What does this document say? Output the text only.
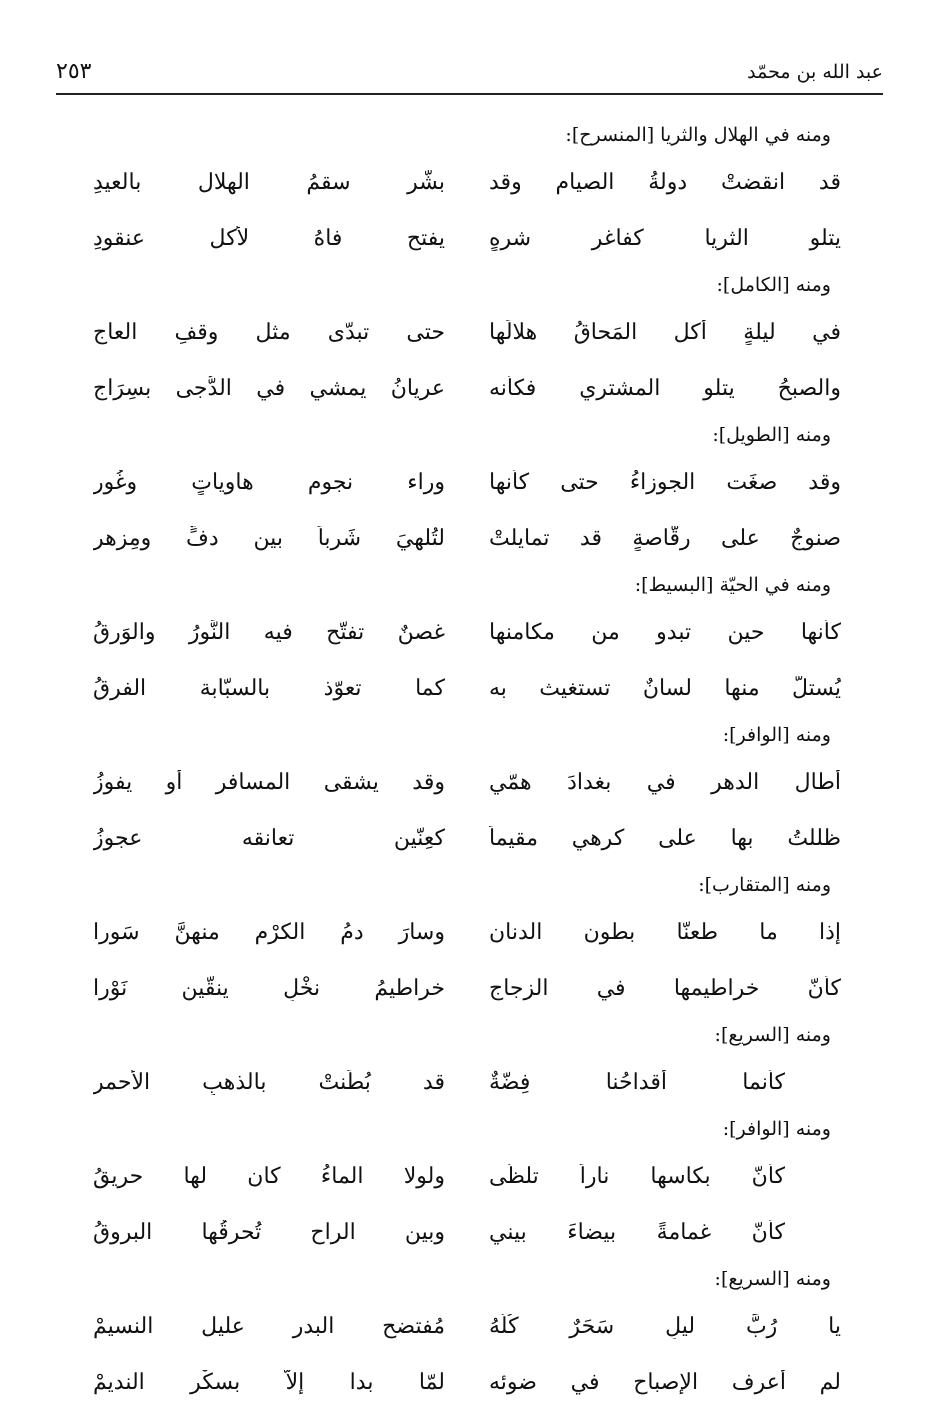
عبد الله بن محمّد
٢٥٣
ومنه في الهلال والثريا [المنسرح]:
قد انقضتْ دولةُ الصيام وقد
بشّر سقمُ الهلال بالعيدِ
يتلو الثريا كفاغرٍ شرهٍ
يفتح فاهُ لأكل عنقودِ
ومنه [الكامل]:
في ليلةٍ أكل المَحاقُ هلالَها
حتى تبدّى مثل وقفِ العاجِ
والصبحُ يتلو المشتري فكأنه
عريانُ يمشي في الدُّجى بسِرَاجِ
ومنه [الطويل]:
وقد صغَت الجوزاءُ حتى كأنها
وراء نجومٍ هاوياتٍ وغُورِ
صنوجٌ على رقّاصةٍ قد تمايلتْ
لتُلهيَ شَرباً بين دفٍّ ومِزهرِ
ومنه في الحيّة [البسيط]:
كأنها حين تبدو من مكامنها
غصنٌ تفتّح فيه النَّورُ والوَرقُ
يُستلّ منها لسانٌ تستغيث به
كما تعوّذ بالسبّابة الفرِقُ
ومنه [الوافر]:
أطال الدهر في بغدادَ همّي
وقد يشقى المسافر أو يفوزُ
ظللتُ بها على كرهي مقيماً
كعِنّينٍ تعانقه عجوزُ
ومنه [المتقارب]:
إذا ما طعنّا بطون الدنان
وسارَ دمُ الكرْم منهنَّ سَورا
كأنّ خراطيمها في الزجاج
خراطيمُ نخْلٍ ينقّين نَوْرا
ومنه [السريع]:
كأنما أقداحُنا فِضّةٌ
قد بُطِّنتْ بالذهبِ الأحمرِ
ومنه [الوافر]:
كأنّ بكاسها ناراً تلظّى
ولولا الماءُ كان لها حريقُ
كأنّ غمامةً بيضاءَ بيني
وبين الراحِ تُحرِقُها البروقُ
ومنه [السريع]:
يا رُبَّ ليلٍ سَحَرٌ كُلُّهُ
مُفتضح البدر عليل النسيمْ
لم أعرف الإصباح في ضوئه
لمّا بدا إلاّ بسكْر النديمْ
